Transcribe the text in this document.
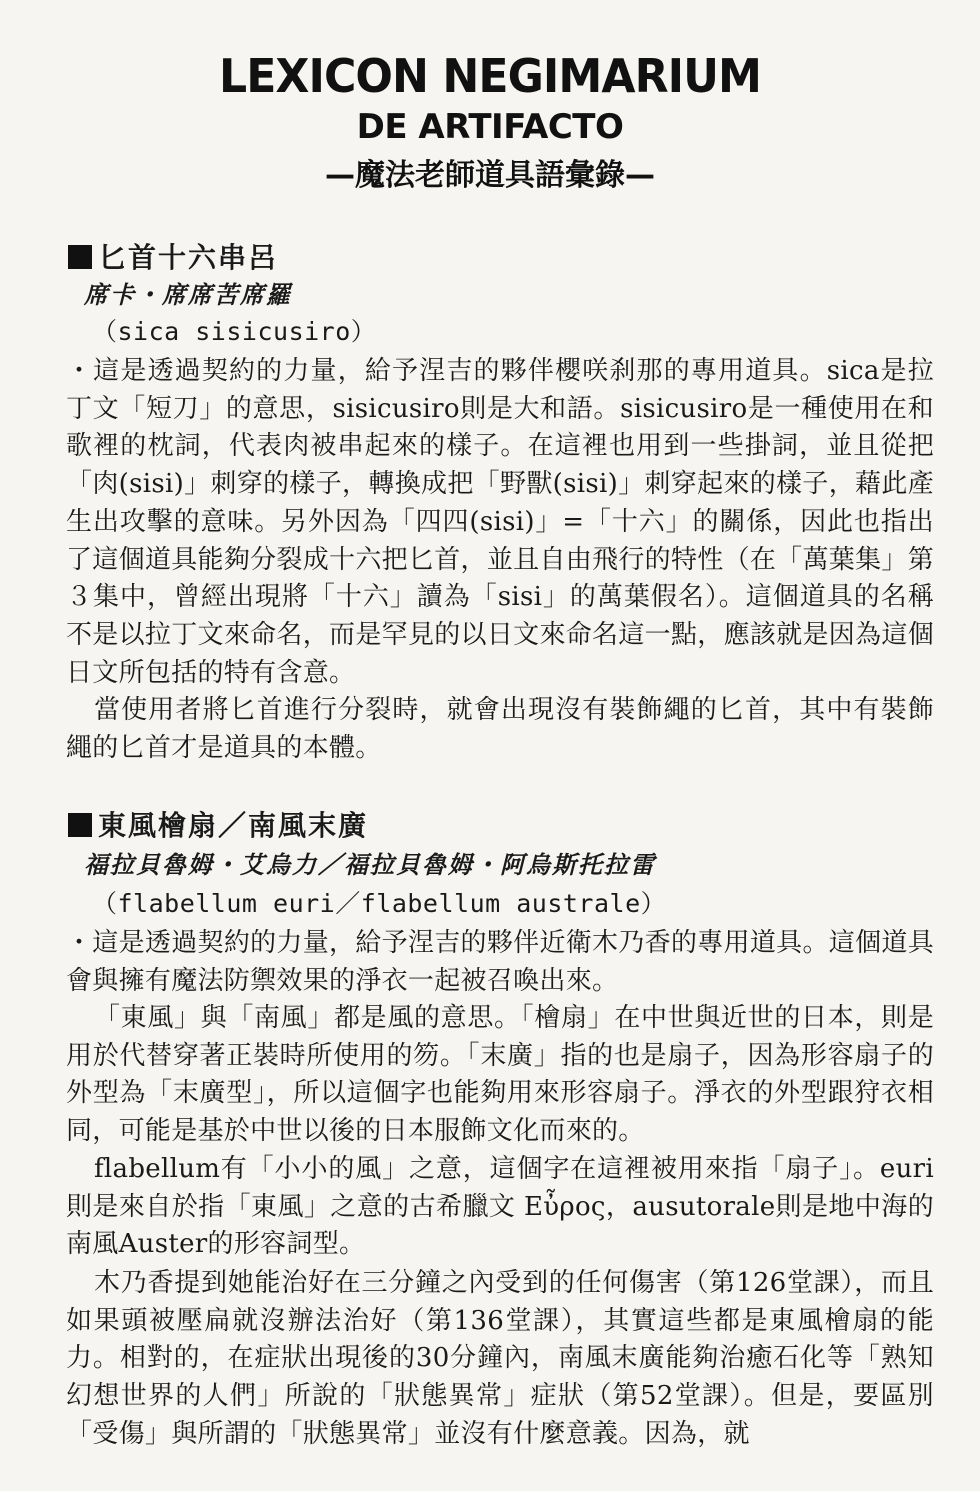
LEXICON NEGIMARIUM
DE ARTIFACTO
—魔法老師道具語彙錄—
匕首十六串呂
席卡・席席苦席羅
（sica sisicusiro）
・這是透過契約的力量，給予涅吉的夥伴櫻咲刹那的專用道具。sica是拉丁文「短刀」的意思，sisicusiro則是大和語。sisicusiro是一種使用在和歌裡的枕詞，代表肉被串起來的樣子。在這裡也用到一些掛詞，並且從把「肉(sisi)」刺穿的樣子，轉換成把「野獸(sisi)」刺穿起來的樣子，藉此產生出攻擊的意味。另外因為「四四(sisi)」=「十六」的關係，因此也指出了這個道具能夠分裂成十六把匕首，並且自由飛行的特性（在「萬葉集」第３集中，曾經出現將「十六」讀為「sisi」的萬葉假名）。這個道具的名稱不是以拉丁文來命名，而是罕見的以日文來命名這一點，應該就是因為這個日文所包括的特有含意。
當使用者將匕首進行分裂時，就會出現沒有裝飾繩的匕首，其中有裝飾繩的匕首才是道具的本體。
東風檜扇／南風末廣
福拉貝魯姆・艾烏力／福拉貝魯姆・阿烏斯托拉雷
（flabellum euri／flabellum australe）
・這是透過契約的力量，給予涅吉的夥伴近衛木乃香的專用道具。這個道具會與擁有魔法防禦效果的淨衣一起被召喚出來。
「東風」與「南風」都是風的意思。「檜扇」在中世與近世的日本，則是用於代替穿著正裝時所使用的笏。「末廣」指的也是扇子，因為形容扇子的外型為「末廣型」，所以這個字也能夠用來形容扇子。淨衣的外型跟狩衣相同，可能是基於中世以後的日本服飾文化而來的。
flabellum有「小小的風」之意，這個字在這裡被用來指「扇子」。euri則是來自於指「東風」之意的古希臘文 Eὖρος，ausutorale則是地中海的南風Auster的形容詞型。
木乃香提到她能治好在三分鐘之內受到的任何傷害（第126堂課），而且如果頭被壓扁就沒辦法治好（第136堂課），其實這些都是東風檜扇的能力。相對的，在症狀出現後的30分鐘內，南風末廣能夠治癒石化等「熟知幻想世界的人們」所說的「狀態異常」症狀（第52堂課）。但是，要區別「受傷」與所謂的「狀態異常」並沒有什麼意義。因為，就
